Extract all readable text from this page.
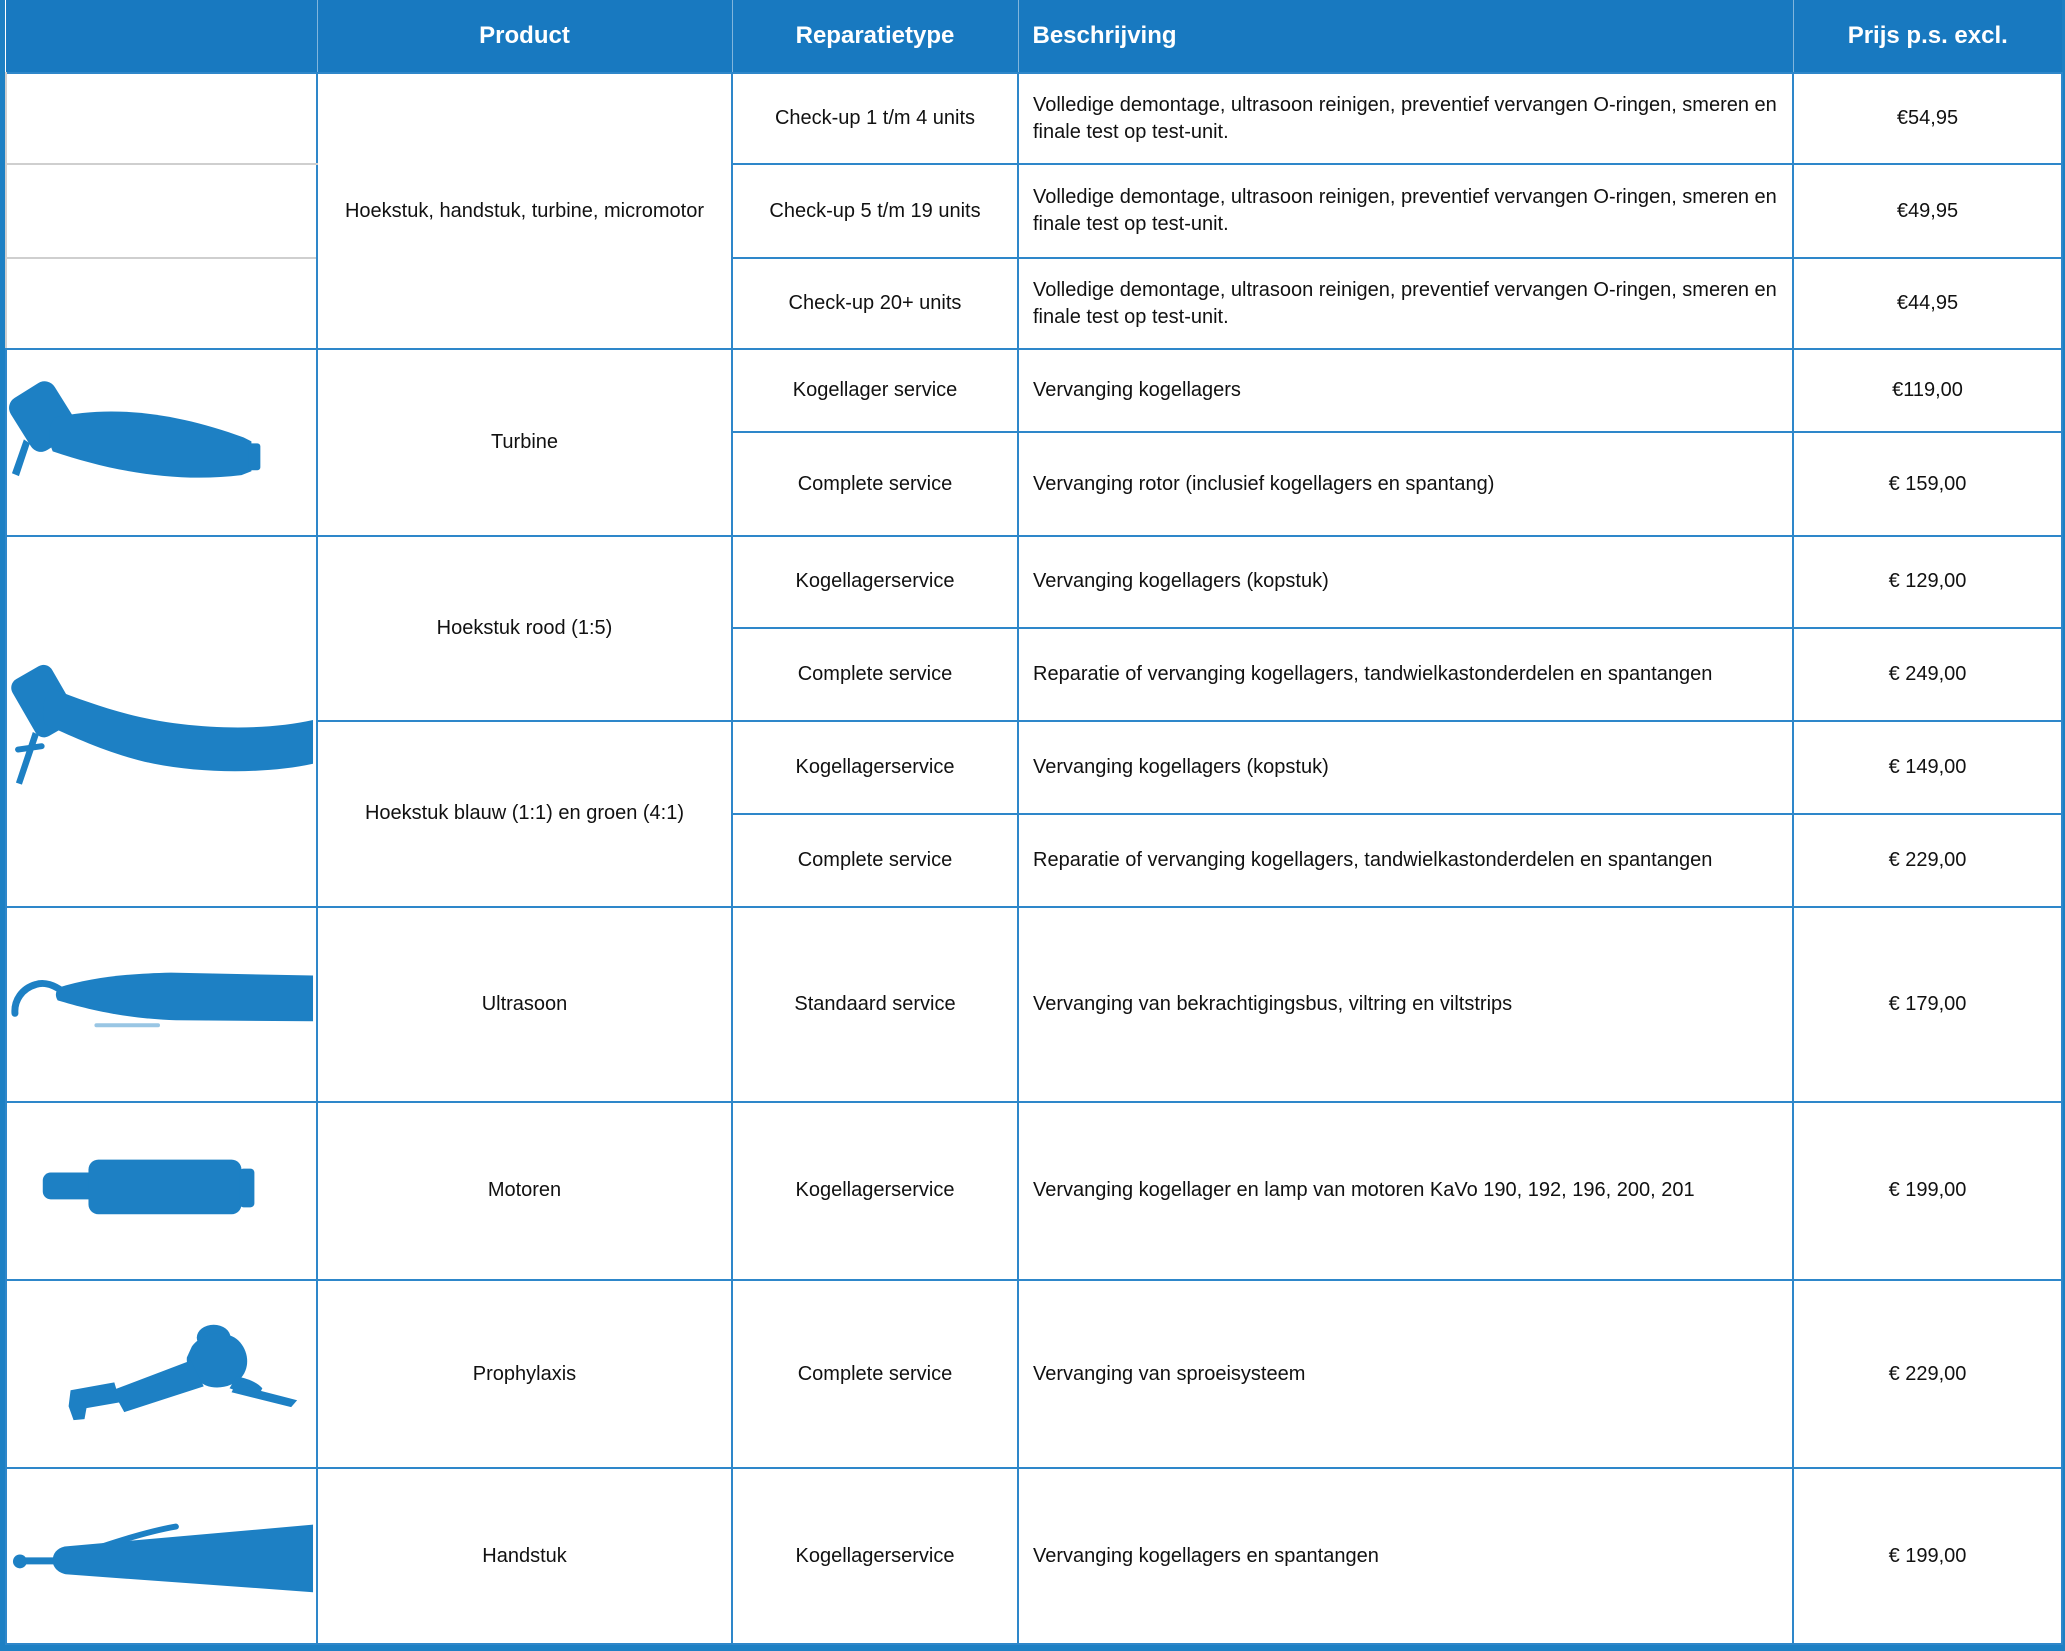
	Product	Reparatietype	Beschrijving	Prijs p.s. excl.
	Hoekstuk, handstuk, turbine, micromotor	Check-up 1 t/m 4 units	Volledige demontage, ultrasoon reinigen, preventief vervangen O-ringen, smeren en finale test op test-unit.	€54,95
		Check-up 5 t/m 19 units	Volledige demontage, ultrasoon reinigen, preventief vervangen O-ringen, smeren en finale test op test-unit.	€49,95
		Check-up 20+ units	Volledige demontage, ultrasoon reinigen, preventief vervangen O-ringen, smeren en finale test op test-unit.	€44,95

	Turbine	Kogellager service	Vervanging kogellagers	€119,00
		Complete service	Vervanging rotor (inclusief kogellagers en spantang)	€ 159,00

	Hoekstuk rood (1:5)	Kogellagerservice	Vervanging kogellagers (kopstuk)	€ 129,00
		Complete service	Reparatie of vervanging kogellagers, tandwielkastonderdelen en spantangen	€ 249,00
	Hoekstuk blauw (1:1) en groen (4:1)	Kogellagerservice	Vervanging kogellagers (kopstuk)	€ 149,00
		Complete service	Reparatie of vervanging kogellagers, tandwielkastonderdelen en spantangen	€ 229,00

	Ultrasoon	Standaard service	Vervanging van bekrachtigingsbus, viltring en viltstrips	€ 179,00

	Motoren	Kogellagerservice	Vervanging kogellager en lamp van motoren KaVo 190, 192, 196, 200, 201	€ 199,00

	Prophylaxis	Complete service	Vervanging van sproeisysteem	€ 229,00

	Handstuk	Kogellagerservice	Vervanging kogellagers en spantangen	€ 199,00
